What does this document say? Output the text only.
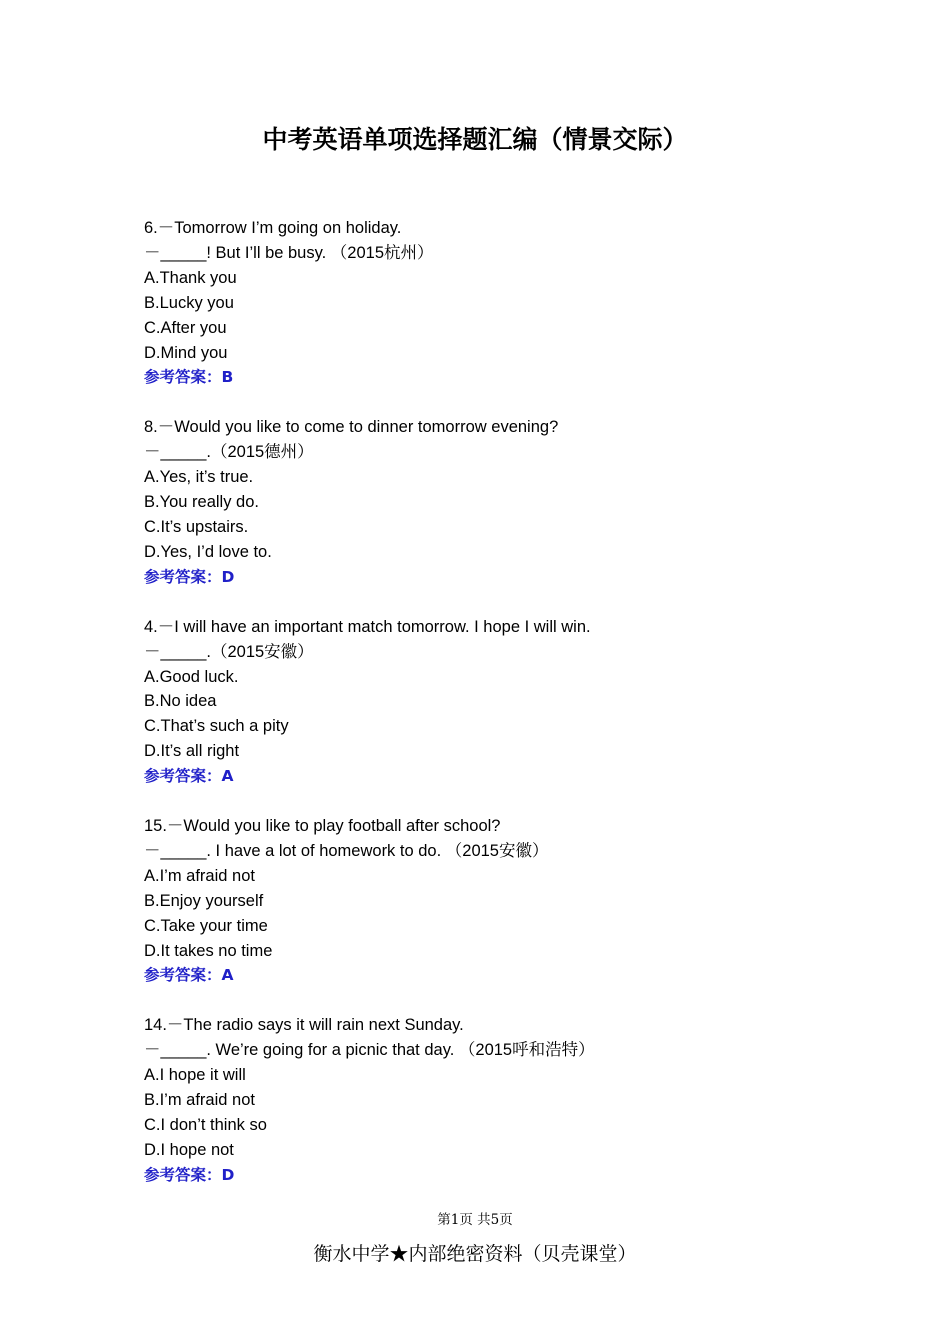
中考英语单项选择题汇编（情景交际）
6.－Tomorrow I’m going on holiday.
－_____! But I’ll be busy. （2015杭州）
A.Thank you
B.Lucky you
C.After you
D.Mind you
参考答案：B
8.－Would you like to come to dinner tomorrow evening?
－_____.（2015德州）
A.Yes, it’s true.
B.You really do.
C.It’s upstairs.
D.Yes, I’d love to.
参考答案：D
4.－I will have an important match tomorrow. I hope I will win.
－_____.（2015安徽）
A.Good luck.
B.No idea
C.That’s such a pity
D.It’s all right
参考答案：A
15.－Would you like to play football after school?
－_____. I have a lot of homework to do. （2015安徽）
A.I’m afraid not
B.Enjoy yourself
C.Take your time
D.It takes no time
参考答案：A
14.－The radio says it will rain next Sunday.
－_____. We’re going for a picnic that day. （2015呼和浩特）
A.I hope it will
B.I’m afraid not
C.I don’t think so
D.I hope not
参考答案：D
第1页 共5页
衡水中学★内部绝密资料（贝壳课堂）
